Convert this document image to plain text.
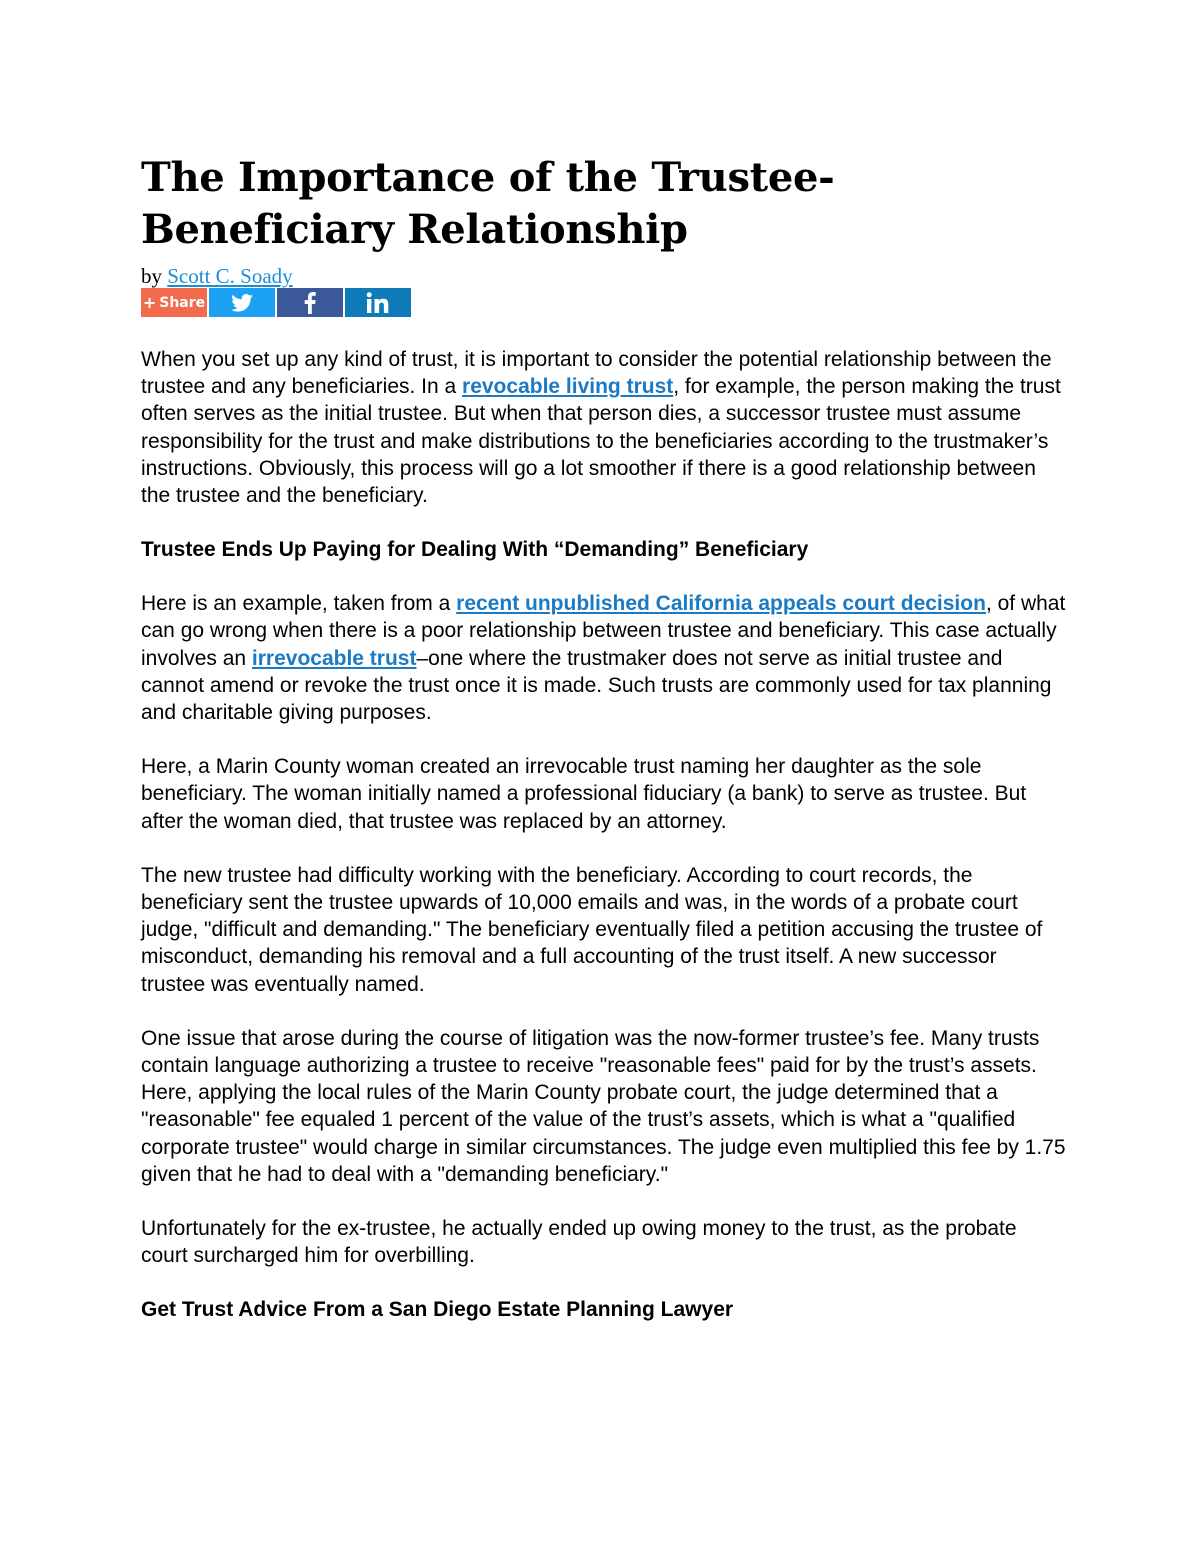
The Importance of the Trustee-Beneficiary Relationship
by Scott C. Soady
+ Share

When you set up any kind of trust, it is important to consider the potential relationship between the trustee and any beneficiaries. In a revocable living trust, for example, the person making the trust often serves as the initial trustee. But when that person dies, a successor trustee must assume responsibility for the trust and make distributions to the beneficiaries according to the trustmaker’s instructions. Obviously, this process will go a lot smoother if there is a good relationship between the trustee and the beneficiary.

Trustee Ends Up Paying for Dealing With “Demanding” Beneficiary

Here is an example, taken from a recent unpublished California appeals court decision, of what can go wrong when there is a poor relationship between trustee and beneficiary. This case actually involves an irrevocable trust–one where the trustmaker does not serve as initial trustee and cannot amend or revoke the trust once it is made. Such trusts are commonly used for tax planning and charitable giving purposes.

Here, a Marin County woman created an irrevocable trust naming her daughter as the sole beneficiary. The woman initially named a professional fiduciary (a bank) to serve as trustee. But after the woman died, that trustee was replaced by an attorney.

The new trustee had difficulty working with the beneficiary. According to court records, the beneficiary sent the trustee upwards of 10,000 emails and was, in the words of a probate court judge, "difficult and demanding." The beneficiary eventually filed a petition accusing the trustee of misconduct, demanding his removal and a full accounting of the trust itself. A new successor trustee was eventually named.

One issue that arose during the course of litigation was the now-former trustee’s fee. Many trusts contain language authorizing a trustee to receive "reasonable fees" paid for by the trust’s assets. Here, applying the local rules of the Marin County probate court, the judge determined that a "reasonable" fee equaled 1 percent of the value of the trust’s assets, which is what a "qualified corporate trustee" would charge in similar circumstances. The judge even multiplied this fee by 1.75 given that he had to deal with a "demanding beneficiary."

Unfortunately for the ex-trustee, he actually ended up owing money to the trust, as the probate court surcharged him for overbilling.

Get Trust Advice From a San Diego Estate Planning Lawyer
